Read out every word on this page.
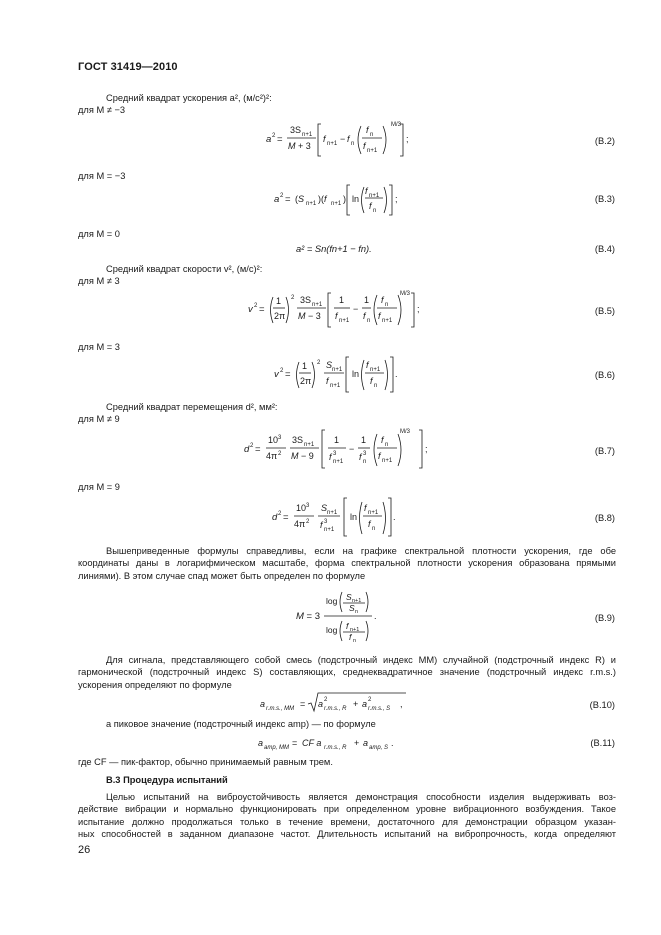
ГОСТ 31419—2010
Средний квадрат ускорения a², (м/с²)²:
для M ≠ −3
a 2 =
3S n+1
M + 3
f n+1 − f n
f n
f n+1
M/3
;	(В.2)
для M = −3
a 2 = (S n+1 )(f n+1 ) ln
f n+1
f n
;	(В.3)
для M = 0
a² = Sn(fn+1 − fn).	(В.4)
Средний квадрат скорости v², (м/с)²:
для M ≠ 3
v 2 =
1
2π
2 3S n+1
M − 3
1
f n+1
−
1
f n
f n
f n+1
M/3
;	(В.5)
для M = 3
v 2 =
1
2π
2 S n+1
f n+1
ln
f n+1
f n
.	(В.6)
Средний квадрат перемещения d², мм²:
для M ≠ 9
d 2 =
10 3
4π 2
3S n+1
M − 9
1
f 3
n+1
−
1
f 3
n
f n
f n+1
M/3
;	(В.7)
для M = 9
d 2 =
10 3
4π 2
S n+1
f 3
n+1
ln
f n+1
f n
.	(В.8)

Вышеприведенные формулы справедливы, если на графике спектральной плотности ускорения, где обе

координаты даны в логарифмическом масштабе, форма спектральной плотности ускорения образована прямыми

линиями). В этом случае спад может быть определен по формуле

M = 3
log S n+1
S n
log f n+1
f n
.	(В.9)

Для сигнала, представляющего собой смесь (подстрочный индекс MM) случайной (подстрочный индекс R) и

гармонической (подстрочный индекс S) составляющих, среднеквадратичное значение (подстрочный индекс r.m.s.)

ускорения определяют по формуле

a r.m.s., MM = a 2
r.m.s., R + a 2
r.m.s., S ,	(В.10)
а пиковое значение (подстрочный индекс amp) — по формуле
a amp, MM = CF a r.m.s., R + a amp, S .	(В.11)
где CF — пик-фактор, обычно принимаемый равным трем.
B.3 Процедура испытаний

Целью испытаний на виброустойчивость является демонстрация способности изделия выдерживать воз-

действие вибрации и нормально функционировать при определенном уровне вибрационного возбуждения. Такое

испытание должно продолжаться только в течение времени, достаточного для демонстрации образцом указан-

ных способностей в заданном диапазоне частот. Длительность испытаний на вибропрочность, когда определяют

26
